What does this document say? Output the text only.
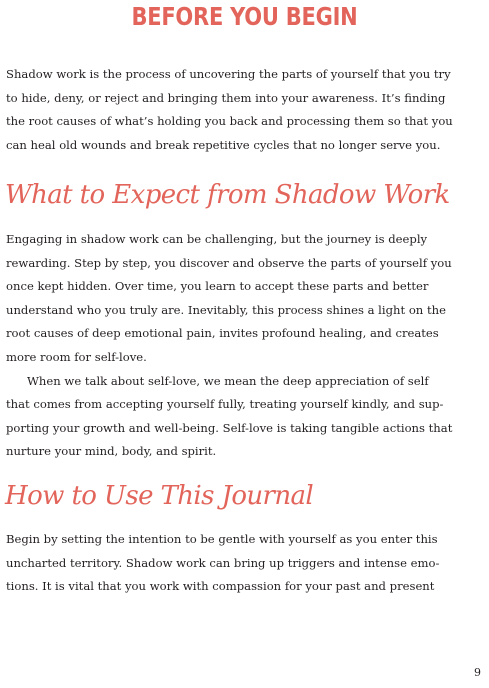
BEFORE YOU BEGIN

Shadow work is the process of uncovering the parts of yourself that you try
to hide, deny, or reject and bringing them into your awareness. It’s finding
the root causes of what’s holding you back and processing them so that you
can heal old wounds and break repetitive cycles that no longer serve you.

What to Expect from Shadow Work

Engaging in shadow work can be challenging, but the journey is deeply
rewarding. Step by step, you discover and observe the parts of yourself you
once kept hidden. Over time, you learn to accept these parts and better
understand who you truly are. Inevitably, this process shines a light on the
root causes of deep emotional pain, invites profound healing, and creates
more room for self-love.
When we talk about self-love, we mean the deep appreciation of self
that comes from accepting yourself fully, treating yourself kindly, and sup-
porting your growth and well-being. Self-love is taking tangible actions that
nurture your mind, body, and spirit.

How to Use This Journal

Begin by setting the intention to be gentle with yourself as you enter this
uncharted territory. Shadow work can bring up triggers and intense emo-
tions. It is vital that you work with compassion for your past and present

9
